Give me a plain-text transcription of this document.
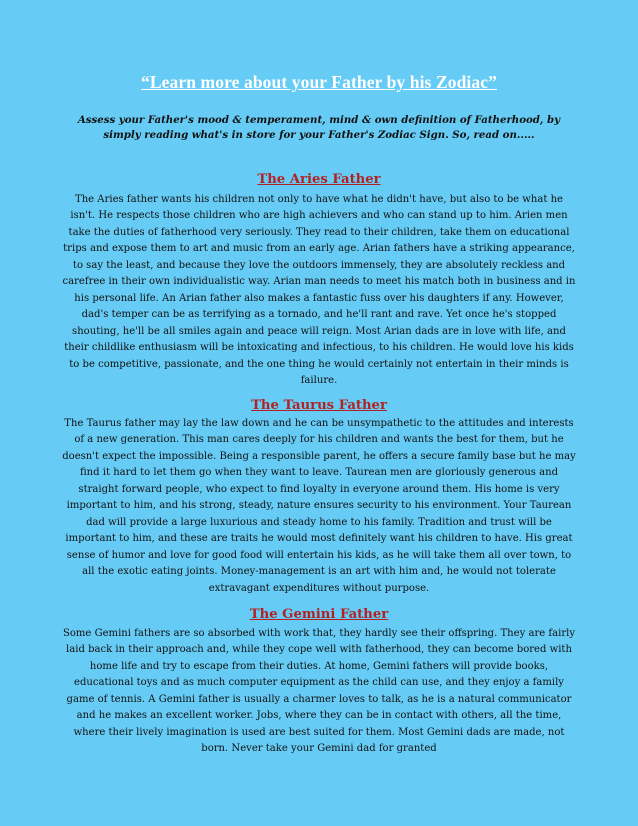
“Learn more about your Father by his Zodiac”

Assess your Father's mood & temperament, mind & own definition of Fatherhood, by simply reading what's in store for your Father's Zodiac Sign. So, read on.....

The Aries Father

The Aries father wants his children not only to have what he didn't have, but also to be what he isn't. He respects those children who are high achievers and who can stand up to him. Arien men take the duties of fatherhood very seriously. They read to their children, take them on educational trips and expose them to art and music from an early age. Arian fathers have a striking appearance, to say the least, and because they love the outdoors immensely, they are absolutely reckless and carefree in their own individualistic way. Arian man needs to meet his match both in business and in his personal life. An Arian father also makes a fantastic fuss over his daughters if any. However, dad's temper can be as terrifying as a tornado, and he'll rant and rave. Yet once he's stopped shouting, he'll be all smiles again and peace will reign. Most Arian dads are in love with life, and their childlike enthusiasm will be intoxicating and infectious, to his children. He would love his kids to be competitive, passionate, and the one thing he would certainly not entertain in their minds is failure.

The Taurus Father

The Taurus father may lay the law down and he can be unsympathetic to the attitudes and interests of a new generation. This man cares deeply for his children and wants the best for them, but he doesn't expect the impossible. Being a responsible parent, he offers a secure family base but he may find it hard to let them go when they want to leave. Taurean men are gloriously generous and straight forward people, who expect to find loyalty in everyone around them. His home is very important to him, and his strong, steady, nature ensures security to his environment. Your Taurean dad will provide a large luxurious and steady home to his family. Tradition and trust will be important to him, and these are traits he would most definitely want his children to have. His great sense of humor and love for good food will entertain his kids, as he will take them all over town, to all the exotic eating joints. Money-management is an art with him and, he would not tolerate extravagant expenditures without purpose.

The Gemini Father

Some Gemini fathers are so absorbed with work that, they hardly see their offspring. They are fairly laid back in their approach and, while they cope well with fatherhood, they can become bored with home life and try to escape from their duties. At home, Gemini fathers will provide books, educational toys and as much computer equipment as the child can use, and they enjoy a family game of tennis. A Gemini father is usually a charmer loves to talk, as he is a natural communicator and he makes an excellent worker. Jobs, where they can be in contact with others, all the time, where their lively imagination is used are best suited for them. Most Gemini dads are made, not born. Never take your Gemini dad for granted
